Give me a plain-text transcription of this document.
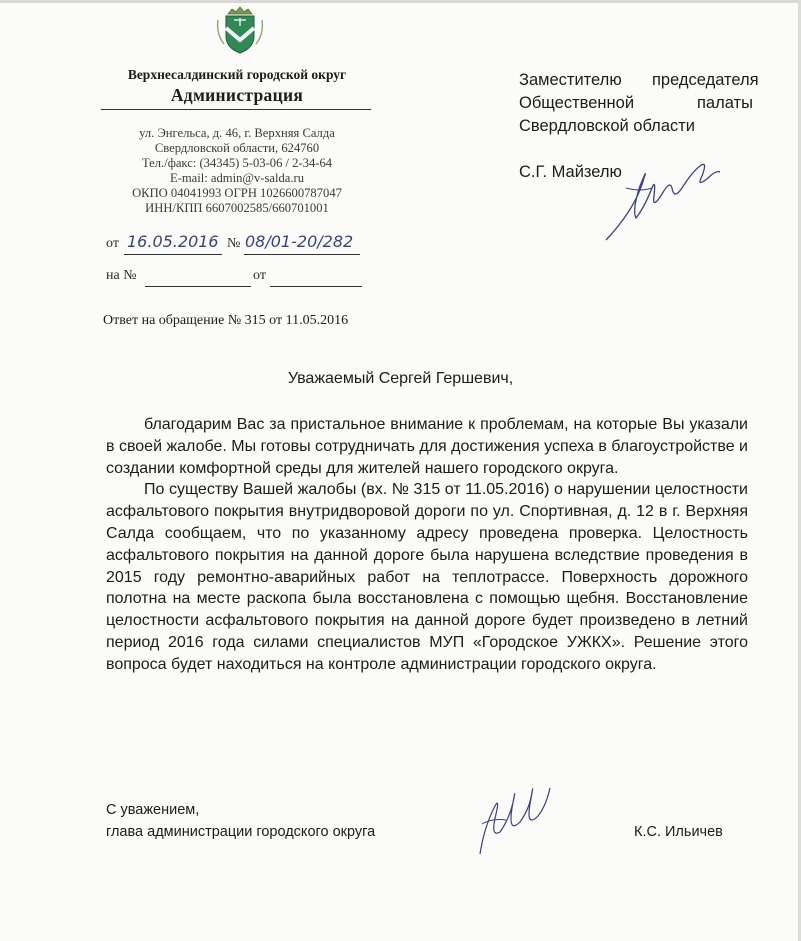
Верхнесалдинский городской округ
Администрация
ул. Энгельса, д. 46, г. Верхняя Салда
Свердловской области, 624760
Тел./факс: (34345) 5-03-06 / 2-34-64
E-mail: admin@v-salda.ru
ОКПО 04041993 ОГРН 1026600787047
ИНН/КПП 6607002585/660701001
от 16.05.2016 № 08/01-20/282
на №	от
Ответ на обращение № 315 от 11.05.2016
Заместителю председателя
Общественной	палаты
Свердловской области
С.Г. Майзелю
Уважаемый Сергей Гершевич,

благодарим Вас за пристальное внимание к проблемам, на которые Вы указали в своей жалобе. Мы готовы сотрудничать для достижения успеха в благоустройстве и создании комфортной среды для жителей нашего городского округа.

По существу Вашей жалобы (вх. № 315 от 11.05.2016) о нарушении целостности асфальтового покрытия внутридворовой дороги по ул. Спортивная, д. 12 в г. Верхняя Салда сообщаем, что по указанному адресу проведена проверка. Целостность асфальтового покрытия на данной дороге была нарушена вследствие проведения в 2015 году ремонтно-аварийных работ на теплотрассе. Поверхность дорожного полотна на месте раскопа была восстановлена с помощью щебня. Восстановление целостности асфальтового покрытия на данной дороге будет произведено в летний период 2016 года силами специалистов МУП «Городское УЖКХ». Решение этого вопроса будет находиться на контроле администрации городского округа.

С уважением,
глава администрации городского округа	К.С. Ильичев
